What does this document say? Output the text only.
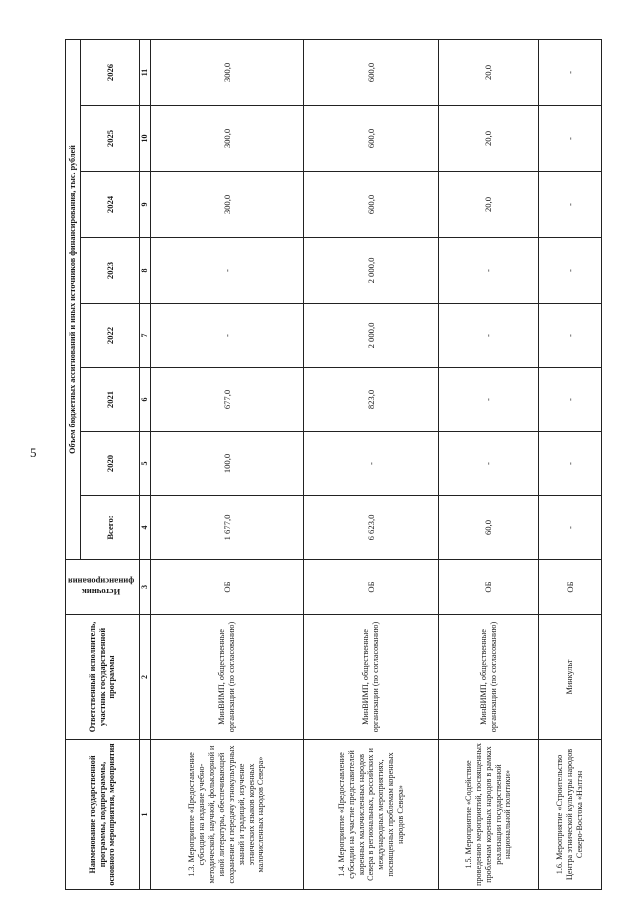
5
Наименование государственной программы, подпрограммы, основного мероприятия, мероприятия	Ответственный исполнитель, участник государственной программы	Источник финансирования	Объем бюджетных ассигнований и иных источников финансирования, тыс. рублей							
			Всего:	2020	2021	2022	2023	2024	2025	2026
1	2	3	4	5	6	7	8	9	10	11
1.3. Мероприятие «Предоставление субсидии на издание учебно-методической, научной, фольклорной и иной литературы, обеспечивающей сохранение и передачу этнокультурных знаний и традиций, изучение этнических языков коренных малочисленных народов Севера»	МинВИМП, общественные организации (по согласованию)	ОБ	1 677,0	100,0	677,0	-	-	300,0	300,0	300,0
1.4. Мероприятие «Предоставление субсидии на участие представителей коренных малочисленных народов Севера в региональных, российских и международных мероприятиях, посвященных проблемам коренных народов Севера»	МинВИМП, общественные организации (по согласованию)	ОБ	6 623,0	-	823,0	2 000,0	2 000,0	600,0	600,0	600,0
1.5. Мероприятие «Содействие проведению мероприятий, посвященных проблемам коренных народов в рамках реализации государственной национальной политики»	МинВИМП, общественные организации (по согласованию)	ОБ	60,0	-	-	-	-	20,0	20,0	20,0
1.6. Мероприятие «Строительство Центра этнической культуры народов Северо-Востока «Нэлтэн	Минкульт	ОБ	-	-	-	-	-	-	-	-
